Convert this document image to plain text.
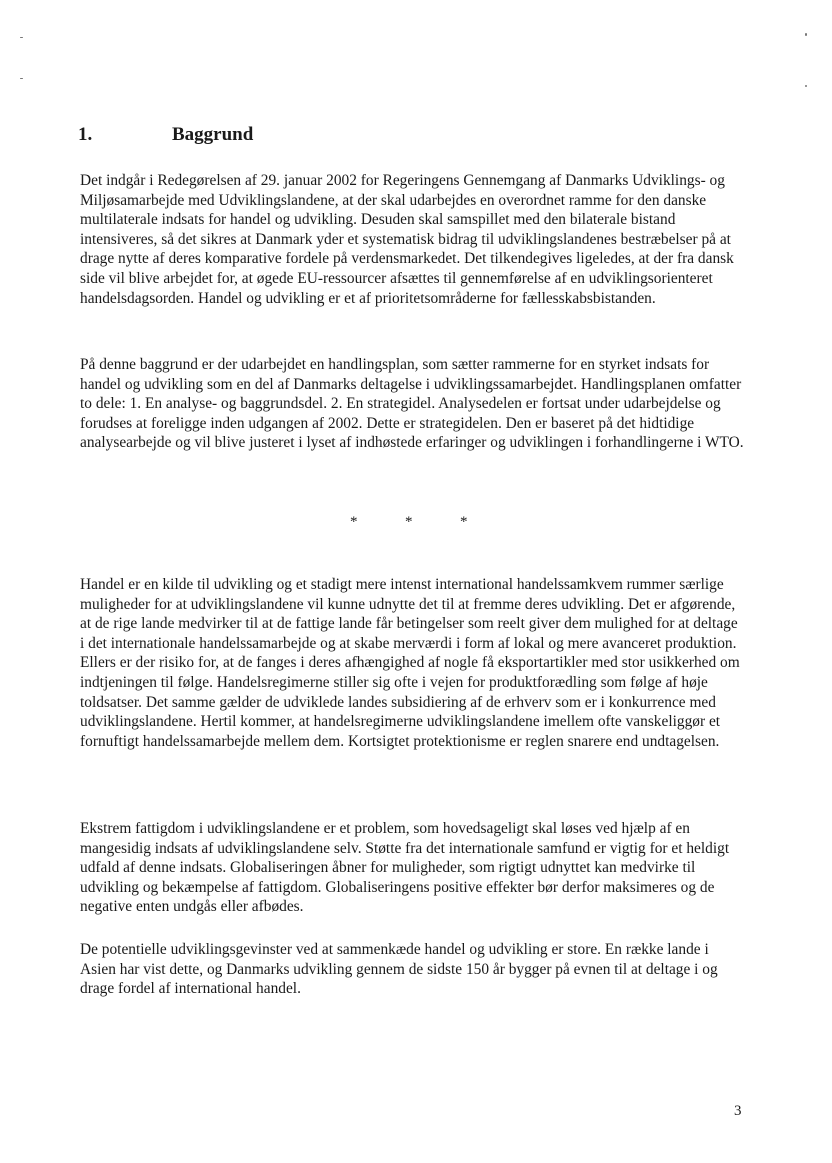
1.	Baggrund

Det indgår i Redegørelsen af 29. januar 2002 for Regeringens Gennemgang af Danmarks Udviklings- og Miljøsamarbejde med Udviklingslandene, at der skal udarbejdes en overordnet ramme for den danske multilaterale indsats for handel og udvikling. Desuden skal samspillet med den bilaterale bistand intensiveres, så det sikres at Danmark yder et systematisk bidrag til udviklingslandenes bestræbelser på at drage nytte af deres komparative fordele på verdensmarkedet. Det tilkendegives ligeledes, at der fra dansk side vil blive arbejdet for, at øgede EU-ressourcer afsættes til gennemførelse af en udviklingsorienteret handelsdagsorden. Handel og udvikling er et af prioritetsområderne for fællesskabsbistanden.

På denne baggrund er der udarbejdet en handlingsplan, som sætter rammerne for en styrket indsats for handel og udvikling som en del af Danmarks deltagelse i udviklingssamarbejdet. Handlingsplanen omfatter to dele: 1. En analyse- og baggrundsdel. 2. En strategidel. Analysedelen er fortsat under udarbejdelse og forudses at foreligge inden udgangen af 2002. Dette er strategidelen. Den er baseret på det hidtidige analysearbejde og vil blive justeret i lyset af indhøstede erfaringer og udviklingen i forhandlingerne i WTO.

*	*	*

Handel er en kilde til udvikling og et stadigt mere intenst international handelssamkvem rummer særlige muligheder for at udviklingslandene vil kunne udnytte det til at fremme deres udvikling. Det er afgørende, at de rige lande medvirker til at de fattige lande får betingelser som reelt giver dem mulighed for at deltage i det internationale handelssamarbejde og at skabe merværdi i form af lokal og mere avanceret produktion. Ellers er der risiko for, at de fanges i deres afhængighed af nogle få eksportartikler med stor usikkerhed om indtjeningen til følge. Handelsregimerne stiller sig ofte i vejen for produktforædling som følge af høje toldsatser. Det samme gælder de udviklede landes subsidiering af de erhverv som er i konkurrence med udviklingslandene. Hertil kommer, at handelsregimerne udviklingslandene imellem ofte vanskeliggør et fornuftigt handelssamarbejde mellem dem. Kortsigtet protektionisme er reglen snarere end undtagelsen.

Ekstrem fattigdom i udviklingslandene er et problem, som hovedsageligt skal løses ved hjælp af en mangesidig indsats af udviklingslandene selv. Støtte fra det internationale samfund er vigtig for et heldigt udfald af denne indsats. Globaliseringen åbner for muligheder, som rigtigt udnyttet kan medvirke til udvikling og bekæmpelse af fattigdom. Globaliseringens positive effekter bør derfor maksimeres og de negative enten undgås eller afbødes.

De potentielle udviklingsgevinster ved at sammenkæde handel og udvikling er store. En række lande i Asien har vist dette, og Danmarks udvikling gennem de sidste 150 år bygger på evnen til at deltage i og drage fordel af international handel.

3
